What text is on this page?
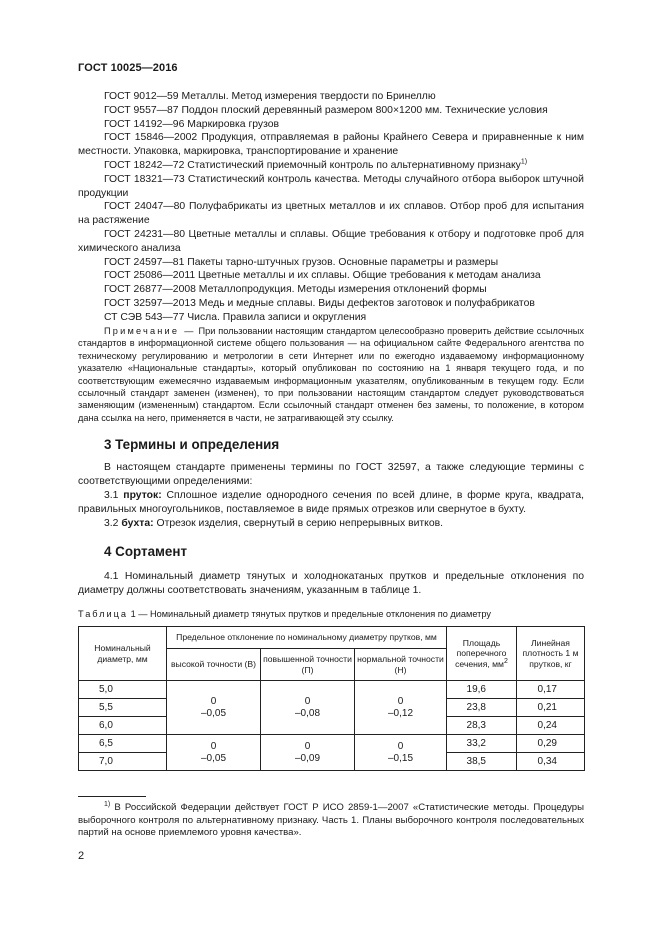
ГОСТ 10025—2016

ГОСТ 9012—59 Металлы. Метод измерения твердости по Бринеллю

ГОСТ 9557—87 Поддон плоский деревянный размером 800×1200 мм. Технические условия

ГОСТ 14192—96 Маркировка грузов

ГОСТ 15846—2002 Продукция, отправляемая в районы Крайнего Севера и приравненные к ним местности. Упаковка, маркировка, транспортирование и хранение

ГОСТ 18242—72 Статистический приемочный контроль по альтернативному признаку$^{1)}$

ГОСТ 18321—73 Статистический контроль качества. Методы случайного отбора выборок штучной продукции

ГОСТ 24047—80 Полуфабрикаты из цветных металлов и их сплавов. Отбор проб для испытания на растяжение

ГОСТ 24231—80 Цветные металлы и сплавы. Общие требования к отбору и подготовке проб для химического анализа

ГОСТ 24597—81 Пакеты тарно-штучных грузов. Основные параметры и размеры

ГОСТ 25086—2011 Цветные металлы и их сплавы. Общие требования к методам анализа

ГОСТ 26877—2008 Металлопродукция. Методы измерения отклонений формы

ГОСТ 32597—2013 Медь и медные сплавы. Виды дефектов заготовок и полуфабрикатов

СТ СЭВ 543—77 Числа. Правила записи и округления

Примечание — При пользовании настоящим стандартом целесообразно проверить действие ссылочных стандартов в информационной системе общего пользования — на официальном сайте Федерального агентства по техническому регулированию и метрологии в сети Интернет или по ежегодно издаваемому информационному указателю «Национальные стандарты», который опубликован по состоянию на 1 января текущего года, и по соответствующим ежемесячно издаваемым информационным указателям, опубликованным в текущем году. Если ссылочный стандарт заменен (изменен), то при пользовании настоящим стандартом следует руководствоваться заменяющим (измененным) стандартом. Если ссылочный стандарт отменен без замены, то положение, в котором дана ссылка на него, применяется в части, не затрагивающей эту ссылку.

3 Термины и определения

В настоящем стандарте применены термины по ГОСТ 32597, а также следующие термины с соответствующими определениями:

3.1 пруток: Сплошное изделие однородного сечения по всей длине, в форме круга, квадрата, правильных многоугольников, поставляемое в виде прямых отрезков или свернутое в бухту.

3.2 бухта: Отрезок изделия, свернутый в серию непрерывных витков.

4 Сортамент

4.1 Номинальный диаметр тянутых и холоднокатаных прутков и предельные отклонения по диаметру должны соответствовать значениям, указанным в таблице 1.

Таблица 1 — Номинальный диаметр тянутых прутков и предельные отклонения по диаметру
Номинальный диаметр, мм	Предельное отклонение по номинальному диаметру прутков, мм			Площадь поперечного сечения, $мм^2$	Линейная плотность 1 м прутков, кг
	высокой точности (В)	повышенной точности (П)	нормальной точности (Н)		
5,0	0
–0,05	0
–0,08	0
–0,12	19,6	0,17
5,5				23,8	0,21
6,0				28,3	0,24
6,5	0
–0,05	0
–0,09	0
–0,15	33,2	0,29
7,0				38,5	0,34

$^{1)}$ В Российской Федерации действует ГОСТ Р ИСО 2859-1—2007 «Статистические методы. Процедуры выборочного контроля по альтернативному признаку. Часть 1. Планы выборочного контроля последовательных партий на основе приемлемого уровня качества».

2
